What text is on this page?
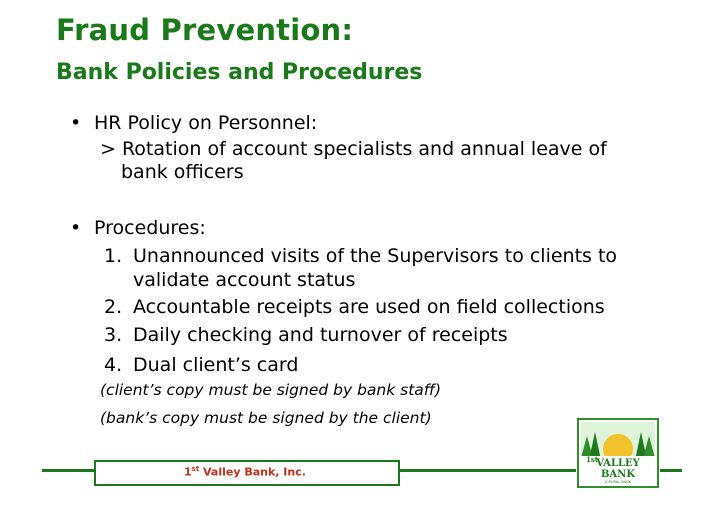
Fraud Prevention:
Bank Policies and Procedures
• HR Policy on Personnel:
> Rotation of account specialists and annual leave of
bank officers
• Procedures:
1. Unannounced visits of the Supervisors to clients to
validate account status
2. Accountable receipts are used on field collections
3. Daily checking and turnover of receipts
4. Dual client’s card
(client’s copy must be signed by bank staff)
(bank’s copy must be signed by the client)
1st Valley Bank, Inc.
VALLEY
1st
BANK
A RURAL BANK
